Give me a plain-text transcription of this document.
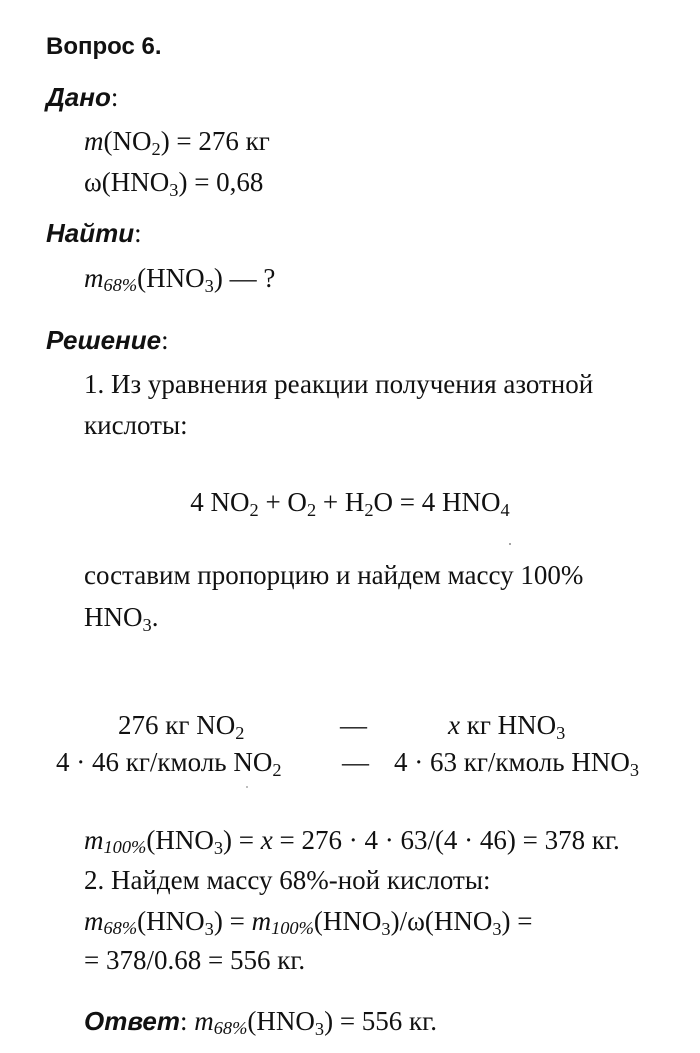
Вопрос 6.
Дано:
$m(NO_2) = 276$ кг
$\omega(HNO_3) = 0,68$
Найти:
$m68\%(HNO_3)$ — ?
Решение:
1. Из уравнения реакции получения азотной
кислоты:
4 $NO_2 + O_2 + H_2O = 4$ $HNO_4$
составим пропорцию и найдем массу 100%
$HNO_3$.
276 кг $NO_2$	—	x кг $HNO_3$
4 · 46 кг/кмоль $NO_2$ — 4 · 63 кг/кмоль $HNO_3$
$m100\%(HNO_3) = x = 276 \cdot 4 \cdot 63/(4 \cdot 46) = 378$ кг.
2. Найдем массу 68%-ной кислоты:
$m68\%(HNO_3) = m100\%(HNO_3)/\omega(HNO_3)$ =
= 378/0.68 = 556 кг.
Ответ: $m68\%(HNO_3) = 556$ кг.
